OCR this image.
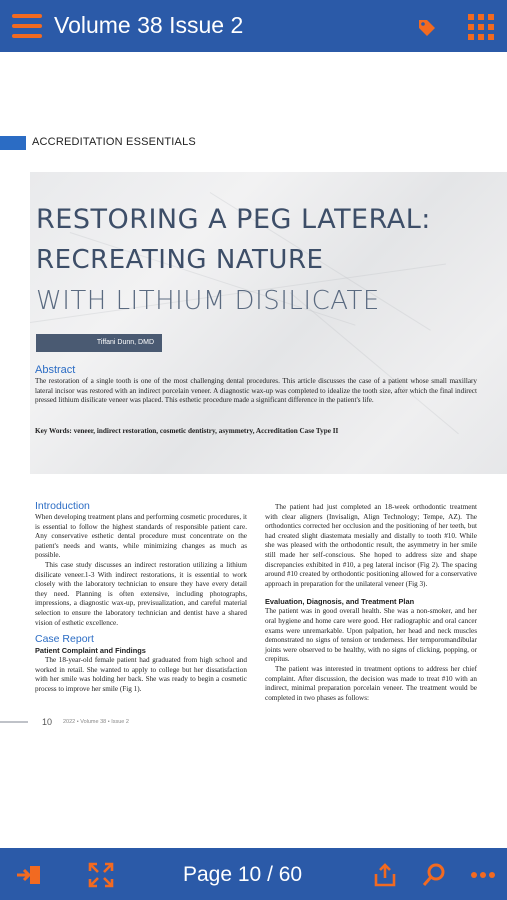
Volume 38 Issue 2
ACCREDITATION ESSENTIALS
RESTORING A PEG LATERAL:
RECREATING NATURE
WITH LITHIUM DISILICATE
Tiffani Dunn, DMD
Abstract
The restoration of a single tooth is one of the most challenging dental procedures. This article discusses the case of a patient whose small maxillary lateral incisor was restored with an indirect porcelain veneer. A diagnostic wax-up was completed to idealize the tooth size, after which the final indirect pressed lithium disilicate veneer was placed. This esthetic procedure made a significant difference in the patient's life.
Key Words: veneer, indirect restoration, cosmetic dentistry, asymmetry, Accreditation Case Type II
Introduction
When developing treatment plans and performing cosmetic procedures, it is essential to follow the highest standards of responsible patient care. Any conservative esthetic dental procedure must concentrate on the patient's needs and wants, while minimizing changes as much as possible.
This case study discusses an indirect restoration utilizing a lithium disilicate veneer.1-3 With indirect restorations, it is essential to work closely with the laboratory technician to ensure they have every detail they need. Planning is often extensive, including photographs, impressions, a diagnostic wax-up, previsualization, and careful material selection to ensure the laboratory technician and dentist have a shared vision of esthetic excellence.
Case Report
Patient Complaint and Findings
The 18-year-old female patient had graduated from high school and worked in retail. She wanted to apply to college but her dissatisfaction with her smile was holding her back. She was ready to begin a cosmetic process to improve her smile (Fig 1).
The patient had just completed an 18-week orthodontic treatment with clear aligners (Invisalign, Align Technology; Tempe, AZ). The orthodontics corrected her occlusion and the positioning of her teeth, but had created slight diastemata mesially and distally to tooth #10. While she was pleased with the orthodontic result, the asymmetry in her smile still made her self-conscious. She hoped to address size and shape discrepancies exhibited in #10, a peg lateral incisor (Fig 2). The spacing around #10 created by orthodontic positioning allowed for a conservative approach in preparation for the unilateral veneer (Fig 3).
Evaluation, Diagnosis, and Treatment Plan
The patient was in good overall health. She was a non-smoker, and her oral hygiene and home care were good. Her radiographic and oral cancer exams were unremarkable. Upon palpation, her head and neck muscles demonstrated no signs of tension or tenderness. Her temporomandibular joints were observed to be healthy, with no signs of clicking, popping, or crepitus.
The patient was interested in treatment options to address her chief complaint. After discussion, the decision was made to treat #10 with an indirect, minimal preparation porcelain veneer. The treatment would be completed in two phases as follows:
10 2022 • Volume 38 • Issue 2
Page 10 / 60
